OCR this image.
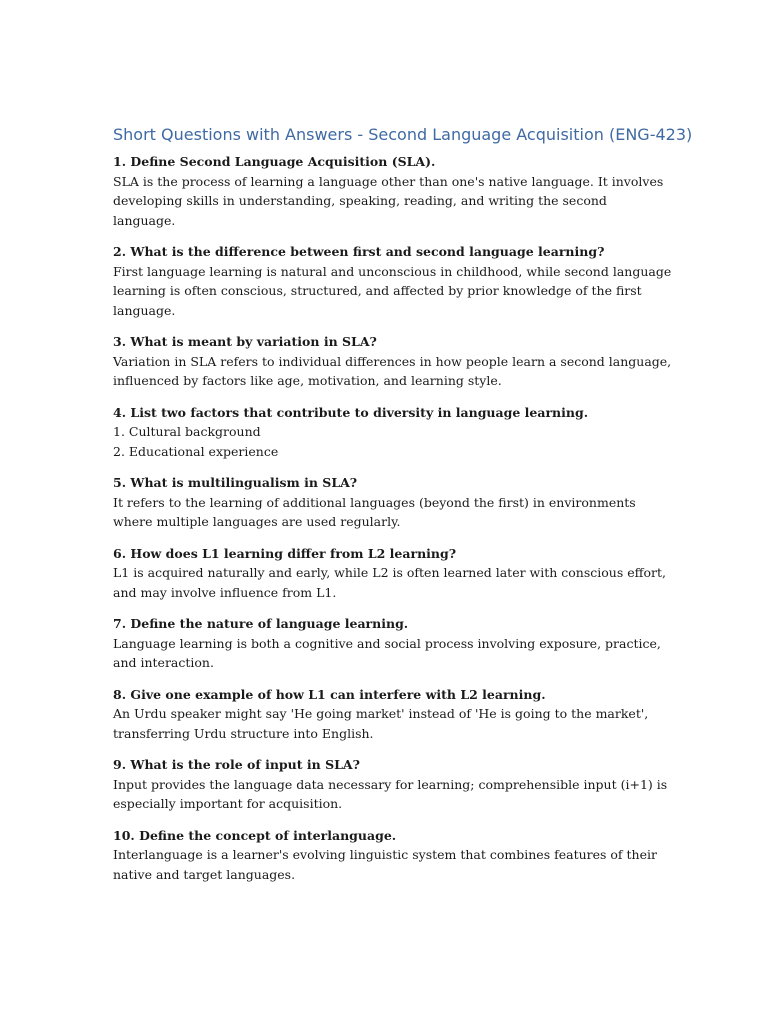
Short Questions with Answers - Second Language Acquisition (ENG-423)

1. Define Second Language Acquisition (SLA).

SLA is the process of learning a language other than one's native language. It involves developing skills in understanding, speaking, reading, and writing the second language.

2. What is the difference between first and second language learning?

First language learning is natural and unconscious in childhood, while second language learning is often conscious, structured, and affected by prior knowledge of the first language.

3. What is meant by variation in SLA?

Variation in SLA refers to individual differences in how people learn a second language, influenced by factors like age, motivation, and learning style.

4. List two factors that contribute to diversity in language learning.

1. Cultural background
2. Educational experience

5. What is multilingualism in SLA?

It refers to the learning of additional languages (beyond the first) in environments where multiple languages are used regularly.

6. How does L1 learning differ from L2 learning?

L1 is acquired naturally and early, while L2 is often learned later with conscious effort, and may involve influence from L1.

7. Define the nature of language learning.

Language learning is both a cognitive and social process involving exposure, practice, and interaction.

8. Give one example of how L1 can interfere with L2 learning.

An Urdu speaker might say 'He going market' instead of 'He is going to the market', transferring Urdu structure into English.

9. What is the role of input in SLA?

Input provides the language data necessary for learning; comprehensible input (i+1) is especially important for acquisition.

10. Define the concept of interlanguage.

Interlanguage is a learner's evolving linguistic system that combines features of their native and target languages.
